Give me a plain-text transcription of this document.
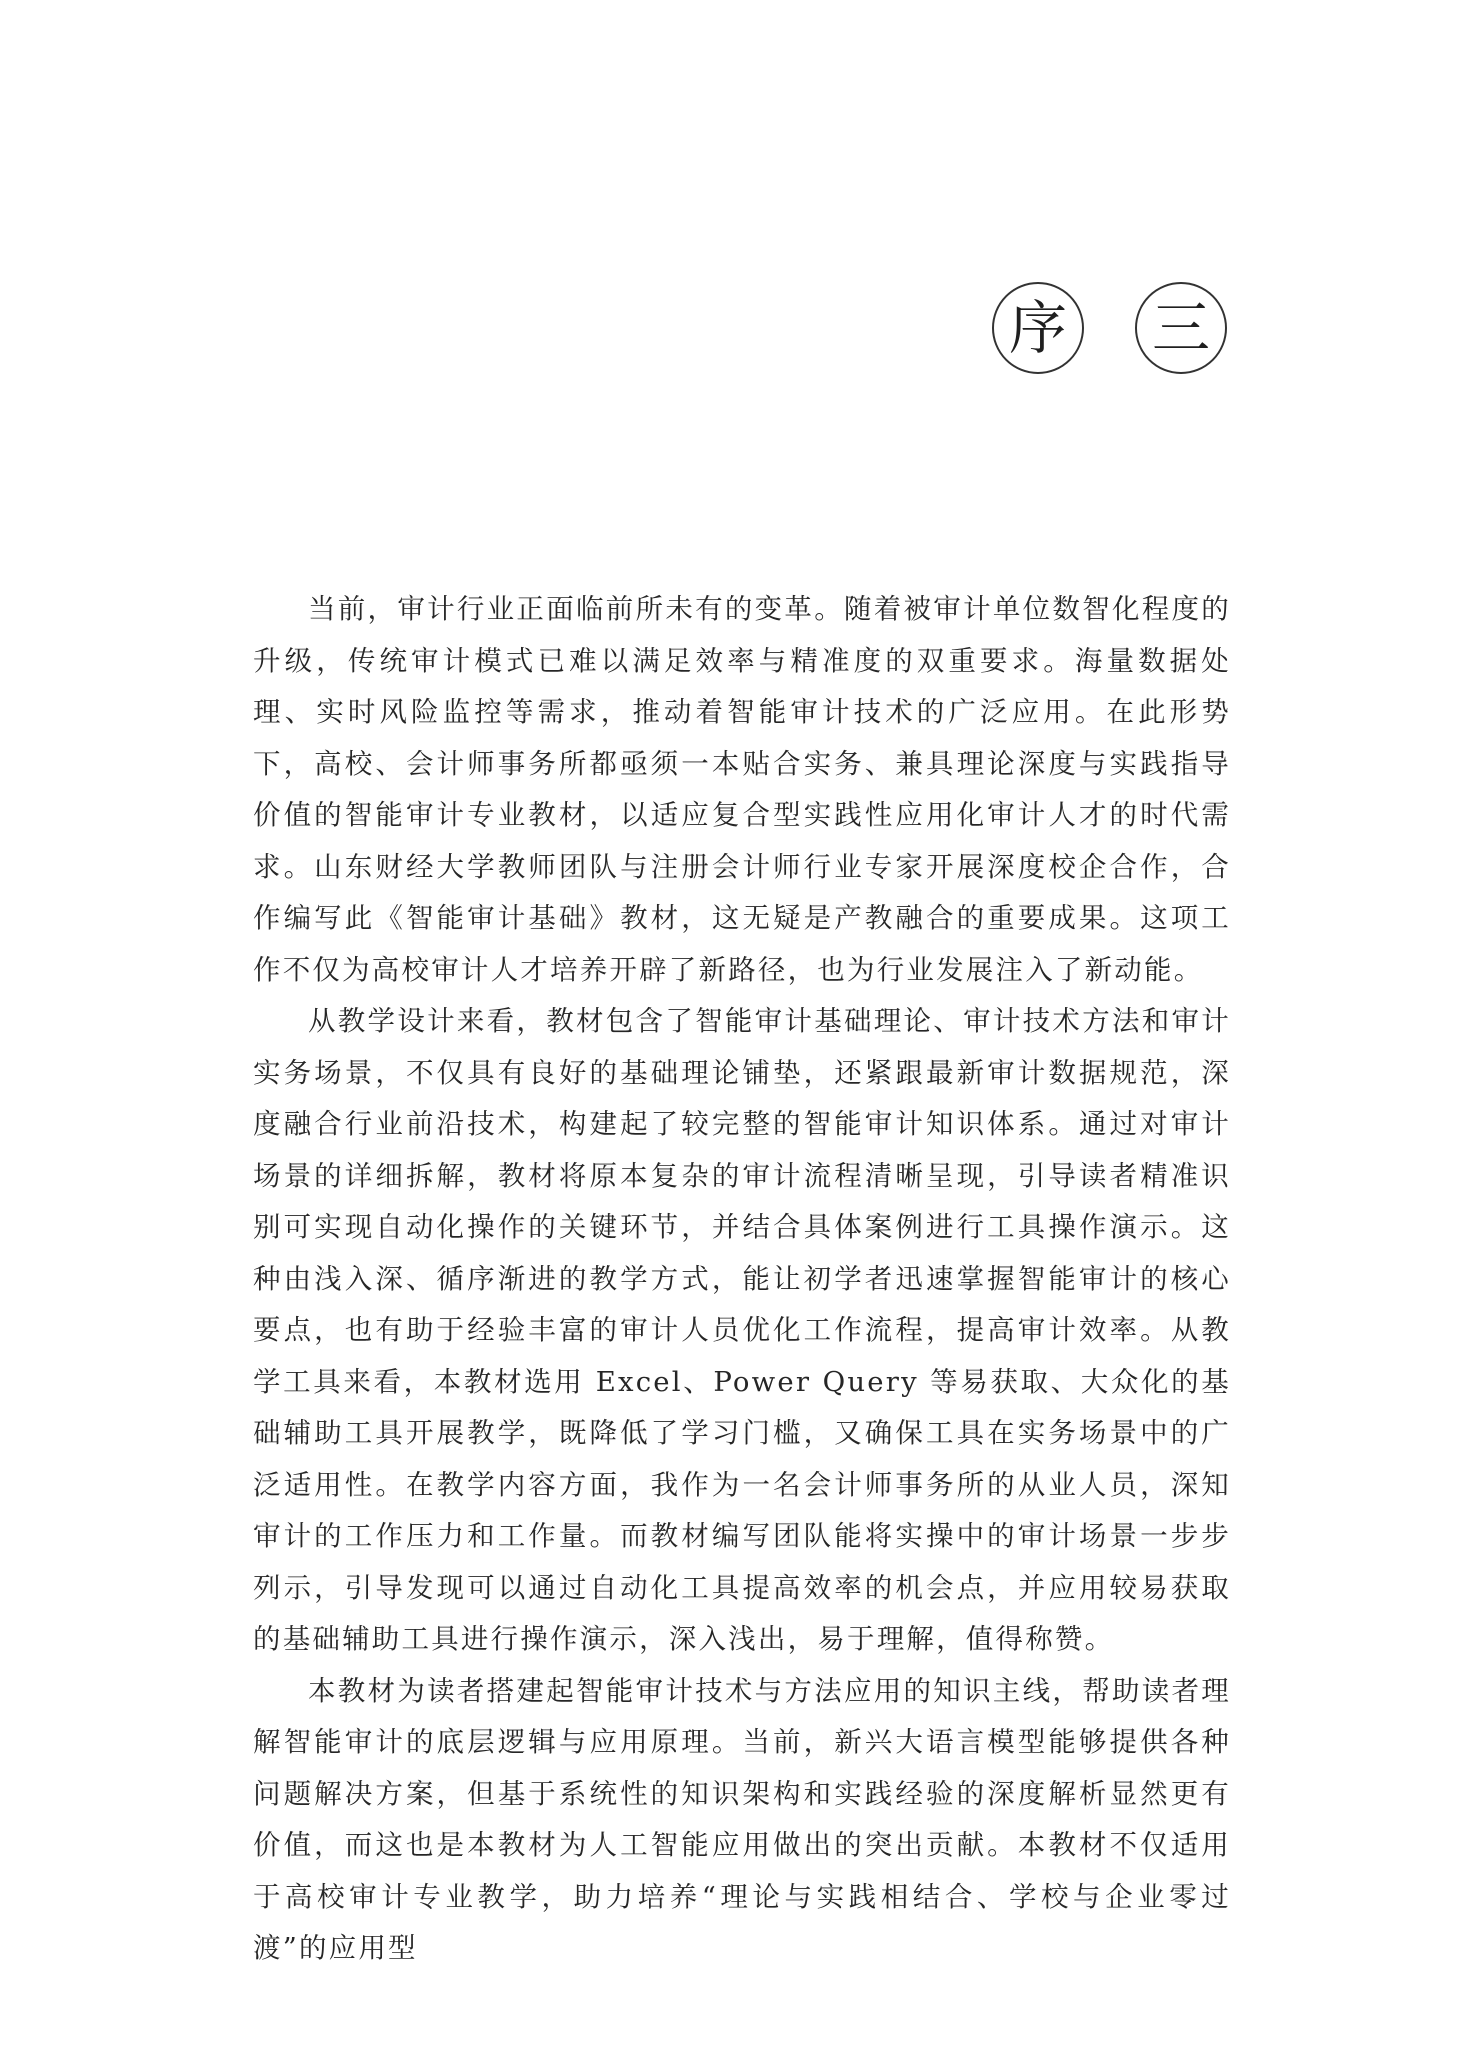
序 三

当前，审计行业正面临前所未有的变革。随着被审计单位数智化程度的升级，传统审计模式已难以满足效率与精准度的双重要求。海量数据处理、实时风险监控等需求，推动着智能审计技术的广泛应用。在此形势下，高校、会计师事务所都亟须一本贴合实务、兼具理论深度与实践指导价值的智能审计专业教材，以适应复合型实践性应用化审计人才的时代需求。山东财经大学教师团队与注册会计师行业专家开展深度校企合作，合作编写此《智能审计基础》教材，这无疑是产教融合的重要成果。这项工作不仅为高校审计人才培养开辟了新路径，也为行业发展注入了新动能。

从教学设计来看，教材包含了智能审计基础理论、审计技术方法和审计实务场景，不仅具有良好的基础理论铺垫，还紧跟最新审计数据规范，深度融合行业前沿技术，构建起了较完整的智能审计知识体系。通过对审计场景的详细拆解，教材将原本复杂的审计流程清晰呈现，引导读者精准识别可实现自动化操作的关键环节，并结合具体案例进行工具操作演示。这种由浅入深、循序渐进的教学方式，能让初学者迅速掌握智能审计的核心要点，也有助于经验丰富的审计人员优化工作流程，提高审计效率。从教学工具来看，本教材选用 Excel、Power Query 等易获取、大众化的基础辅助工具开展教学，既降低了学习门槛，又确保工具在实务场景中的广泛适用性。在教学内容方面，我作为一名会计师事务所的从业人员，深知审计的工作压力和工作量。而教材编写团队能将实操中的审计场景一步步列示，引导发现可以通过自动化工具提高效率的机会点，并应用较易获取的基础辅助工具进行操作演示，深入浅出，易于理解，值得称赞。

本教材为读者搭建起智能审计技术与方法应用的知识主线，帮助读者理解智能审计的底层逻辑与应用原理。当前，新兴大语言模型能够提供各种问题解决方案，但基于系统性的知识架构和实践经验的深度解析显然更有价值，而这也是本教材为人工智能应用做出的突出贡献。本教材不仅适用于高校审计专业教学，助力培养“理论与实践相结合、学校与企业零过渡”的应用型
